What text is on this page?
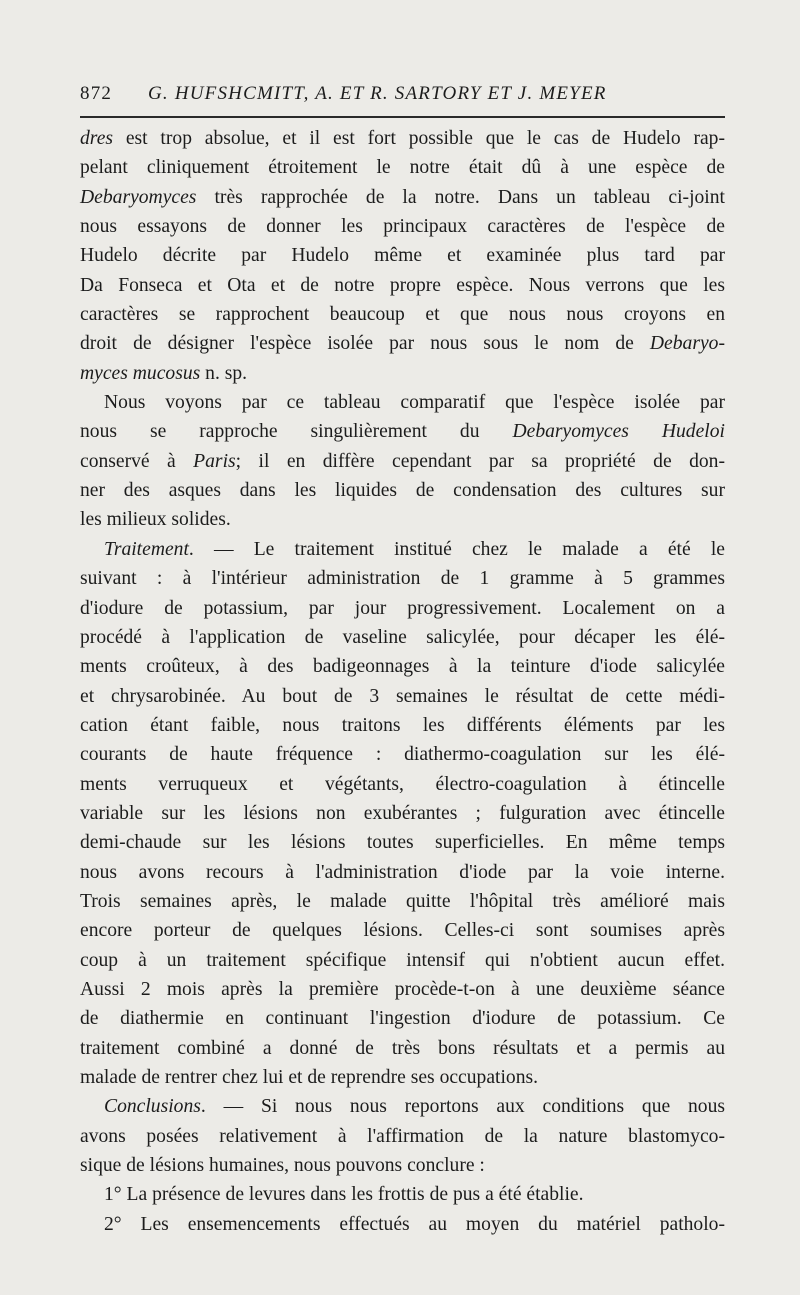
872 G. HUFSHCMITT, A. ET R. SARTORY ET J. MEYER
dres est trop absolue, et il est fort possible que le cas de Hudelo rap-
pelant cliniquement étroitement le notre était dû à une espèce de
Debaryomyces très rapprochée de la notre. Dans un tableau ci-joint
nous essayons de donner les principaux caractères de l'espèce de
Hudelo décrite par Hudelo même et examinée plus tard par
Da Fonseca et Ota et de notre propre espèce. Nous verrons que les
caractères se rapprochent beaucoup et que nous nous croyons en
droit de désigner l'espèce isolée par nous sous le nom de Debaryo-
myces mucosus n. sp.
Nous voyons par ce tableau comparatif que l'espèce isolée par
nous se rapproche singulièrement du Debaryomyces Hudeloi
conservé à Paris; il en diffère cependant par sa propriété de don-
ner des asques dans les liquides de condensation des cultures sur
les milieux solides.
Traitement. — Le traitement institué chez le malade a été le
suivant : à l'intérieur administration de 1 gramme à 5 grammes
d'iodure de potassium, par jour progressivement. Localement on a
procédé à l'application de vaseline salicylée, pour décaper les élé-
ments croûteux, à des badigeonnages à la teinture d'iode salicylée
et chrysarobinée. Au bout de 3 semaines le résultat de cette médi-
cation étant faible, nous traitons les différents éléments par les
courants de haute fréquence : diathermo-coagulation sur les élé-
ments verruqueux et végétants, électro-coagulation à étincelle
variable sur les lésions non exubérantes ; fulguration avec étincelle
demi-chaude sur les lésions toutes superficielles. En même temps
nous avons recours à l'administration d'iode par la voie interne.
Trois semaines après, le malade quitte l'hôpital très amélioré mais
encore porteur de quelques lésions. Celles-ci sont soumises après
coup à un traitement spécifique intensif qui n'obtient aucun effet.
Aussi 2 mois après la première procède-t-on à une deuxième séance
de diathermie en continuant l'ingestion d'iodure de potassium. Ce
traitement combiné a donné de très bons résultats et a permis au
malade de rentrer chez lui et de reprendre ses occupations.
Conclusions. — Si nous nous reportons aux conditions que nous
avons posées relativement à l'affirmation de la nature blastomyco-
sique de lésions humaines, nous pouvons conclure :
1° La présence de levures dans les frottis de pus a été établie.
2° Les ensemencements effectués au moyen du matériel patholo-
